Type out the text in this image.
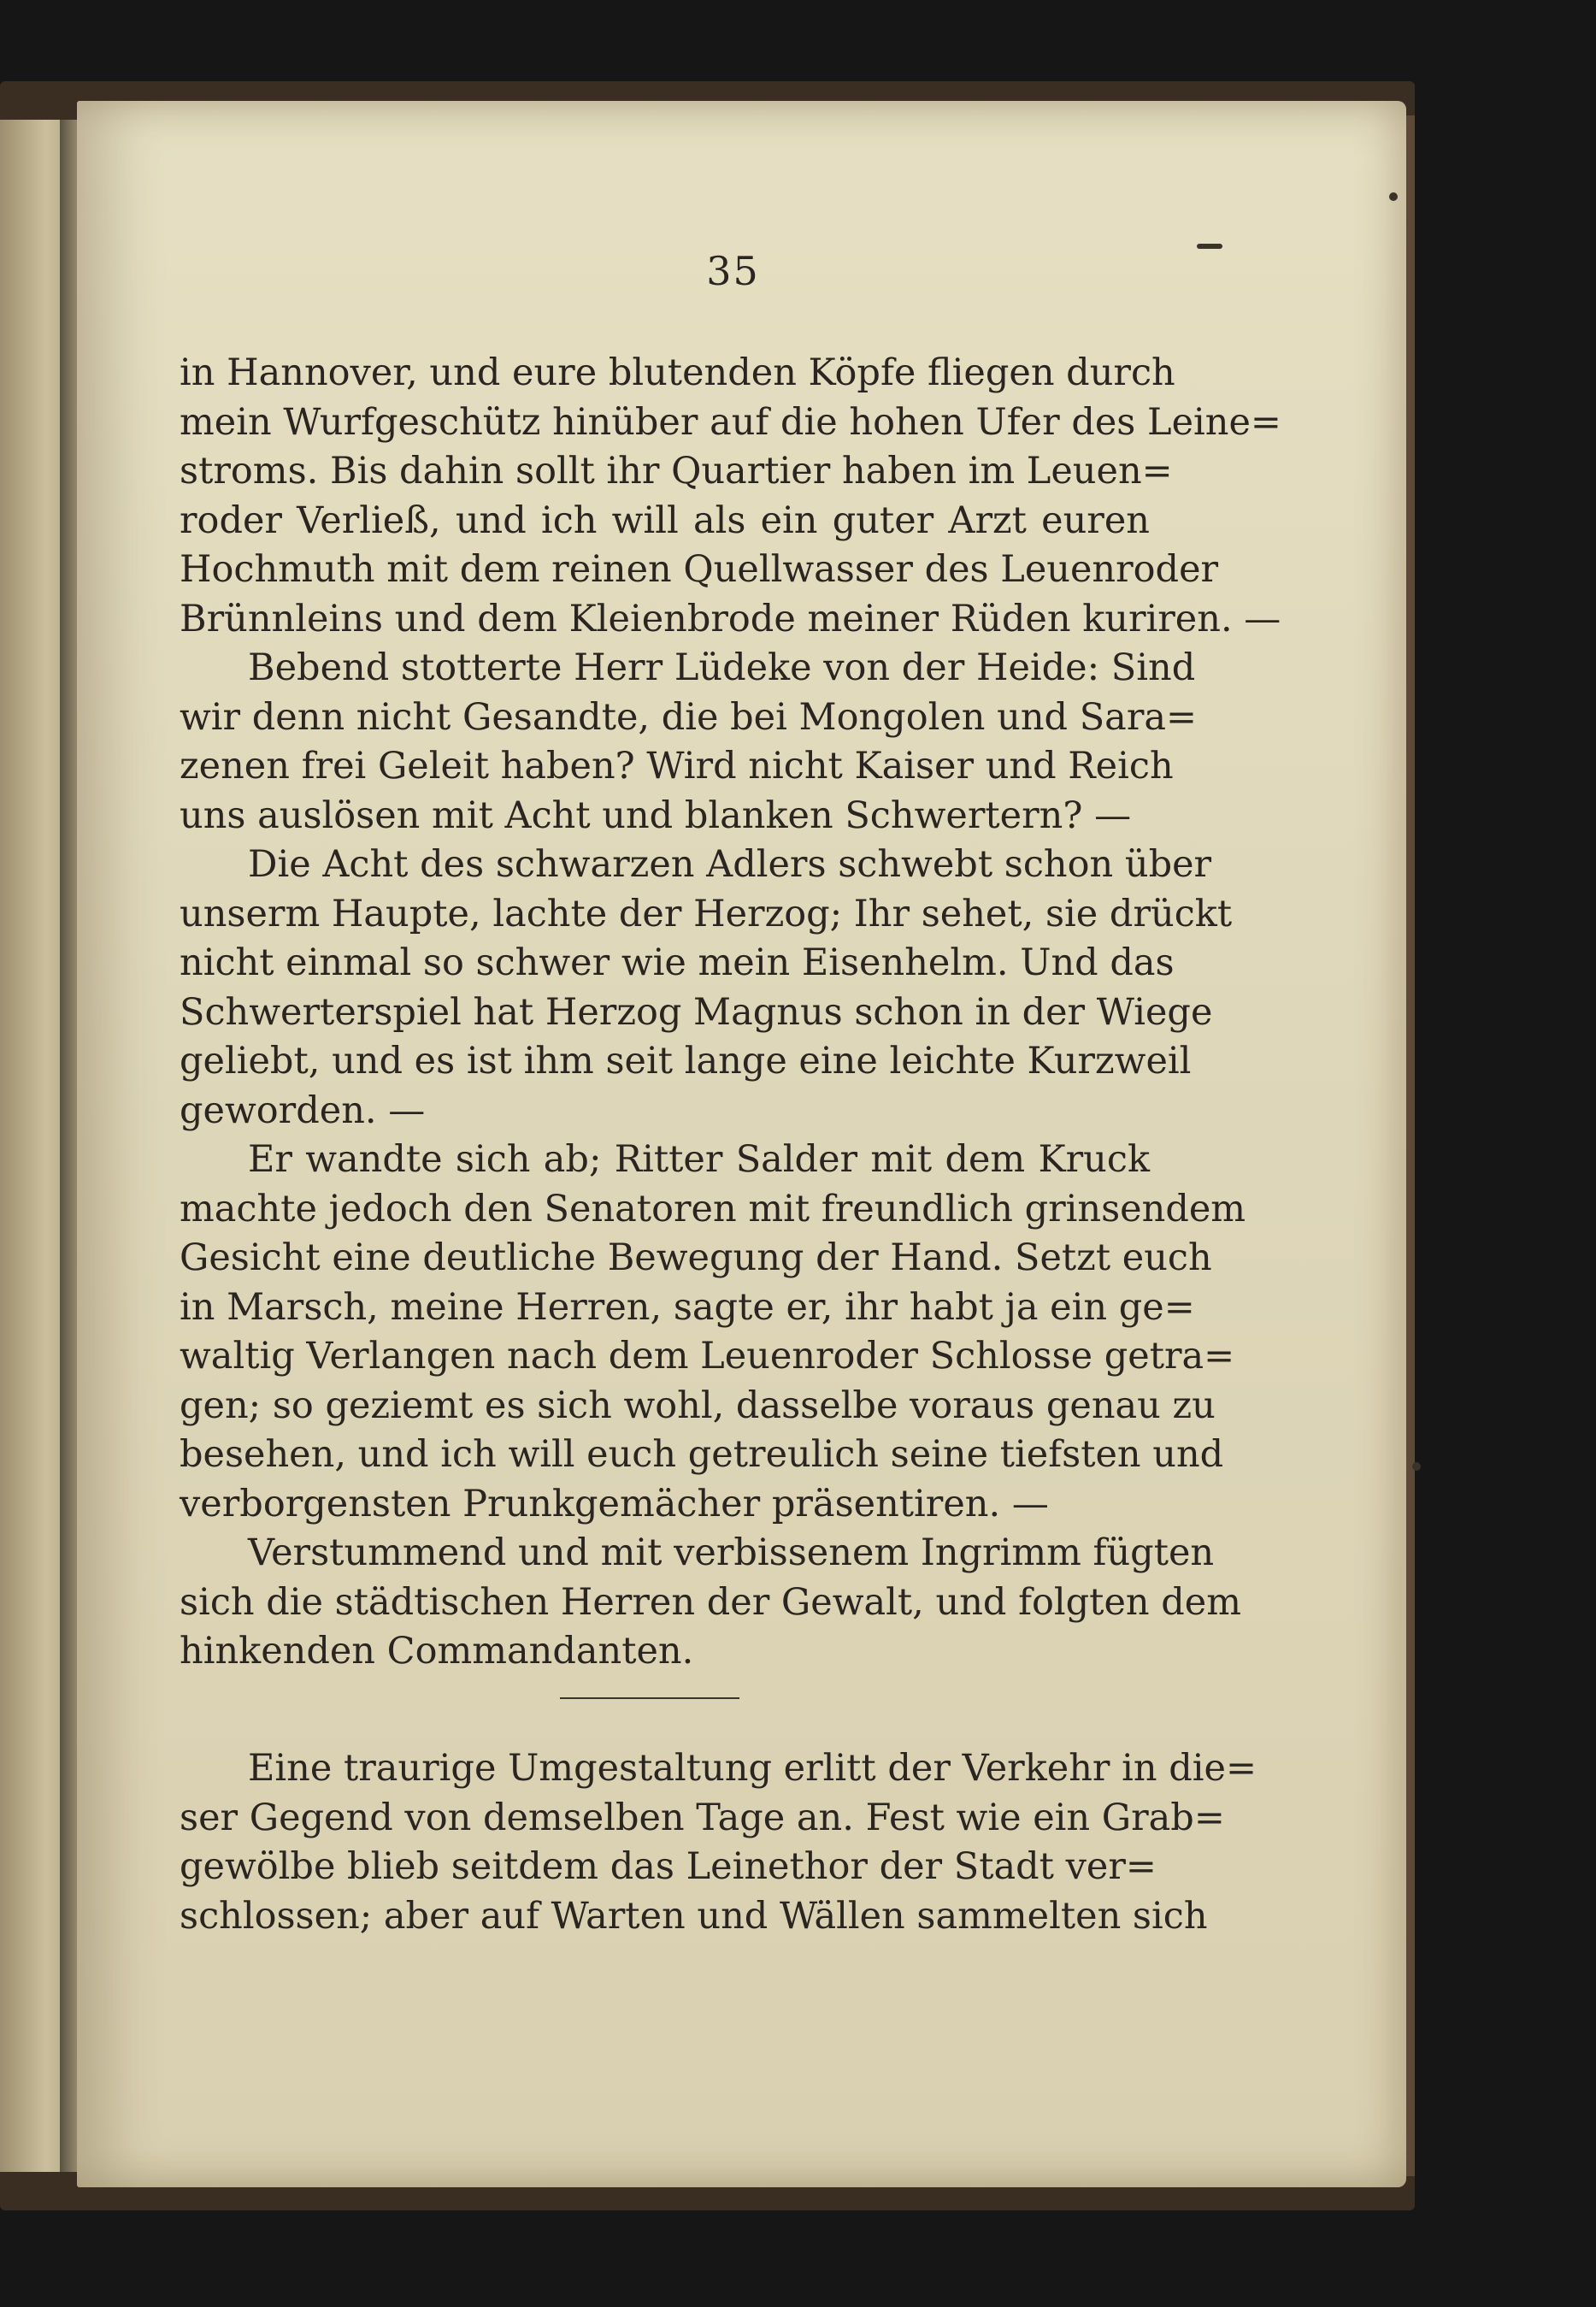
35
in Hannover, und eure blutenden Köpfe fliegen durch
mein Wurfgeschütz hinüber auf die hohen Ufer des Leine=
stroms. Bis dahin sollt ihr Quartier haben im Leuen=
roder Verließ, und ich will als ein guter Arzt euren
Hochmuth mit dem reinen Quellwasser des Leuenroder
Brünnleins und dem Kleienbrode meiner Rüden kuriren. —
Bebend stotterte Herr Lüdeke von der Heide: Sind
wir denn nicht Gesandte, die bei Mongolen und Sara=
zenen frei Geleit haben? Wird nicht Kaiser und Reich
uns auslösen mit Acht und blanken Schwertern? —
Die Acht des schwarzen Adlers schwebt schon über
unserm Haupte, lachte der Herzog; Ihr sehet, sie drückt
nicht einmal so schwer wie mein Eisenhelm. Und das
Schwerterspiel hat Herzog Magnus schon in der Wiege
geliebt, und es ist ihm seit lange eine leichte Kurzweil
geworden. —
Er wandte sich ab; Ritter Salder mit dem Kruck
machte jedoch den Senatoren mit freundlich grinsendem
Gesicht eine deutliche Bewegung der Hand. Setzt euch
in Marsch, meine Herren, sagte er, ihr habt ja ein ge=
waltig Verlangen nach dem Leuenroder Schlosse getra=
gen; so geziemt es sich wohl, dasselbe voraus genau zu
besehen, und ich will euch getreulich seine tiefsten und
verborgensten Prunkgemächer präsentiren. —
Verstummend und mit verbissenem Ingrimm fügten
sich die städtischen Herren der Gewalt, und folgten dem
hinkenden Commandanten.
Eine traurige Umgestaltung erlitt der Verkehr in die=
ser Gegend von demselben Tage an. Fest wie ein Grab=
gewölbe blieb seitdem das Leinethor der Stadt ver=
schlossen; aber auf Warten und Wällen sammelten sich
